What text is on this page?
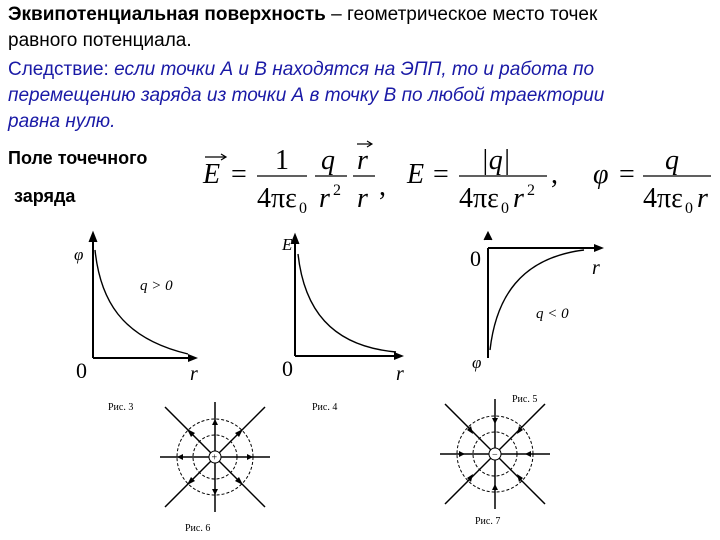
Эквипотенциальная поверхность – геометрическое место точек
равного потенциала.
Следствие: если точки А и В находятся на ЭПП, то и работа по
перемещению заряда из точки А в точку В по любой траектории
равна нулю.
Поле точечного
заряда
E = 1
4πε 0
q
r 2
r
r , E = |q|
4πε 0 r 2
, φ = q
4πε 0 r
φ
0	r
q > 0
Рис. 3
E
0	r
Рис. 4
0	r
φ
q < 0
Рис. 5
+
Рис. 6
−
Рис. 7
